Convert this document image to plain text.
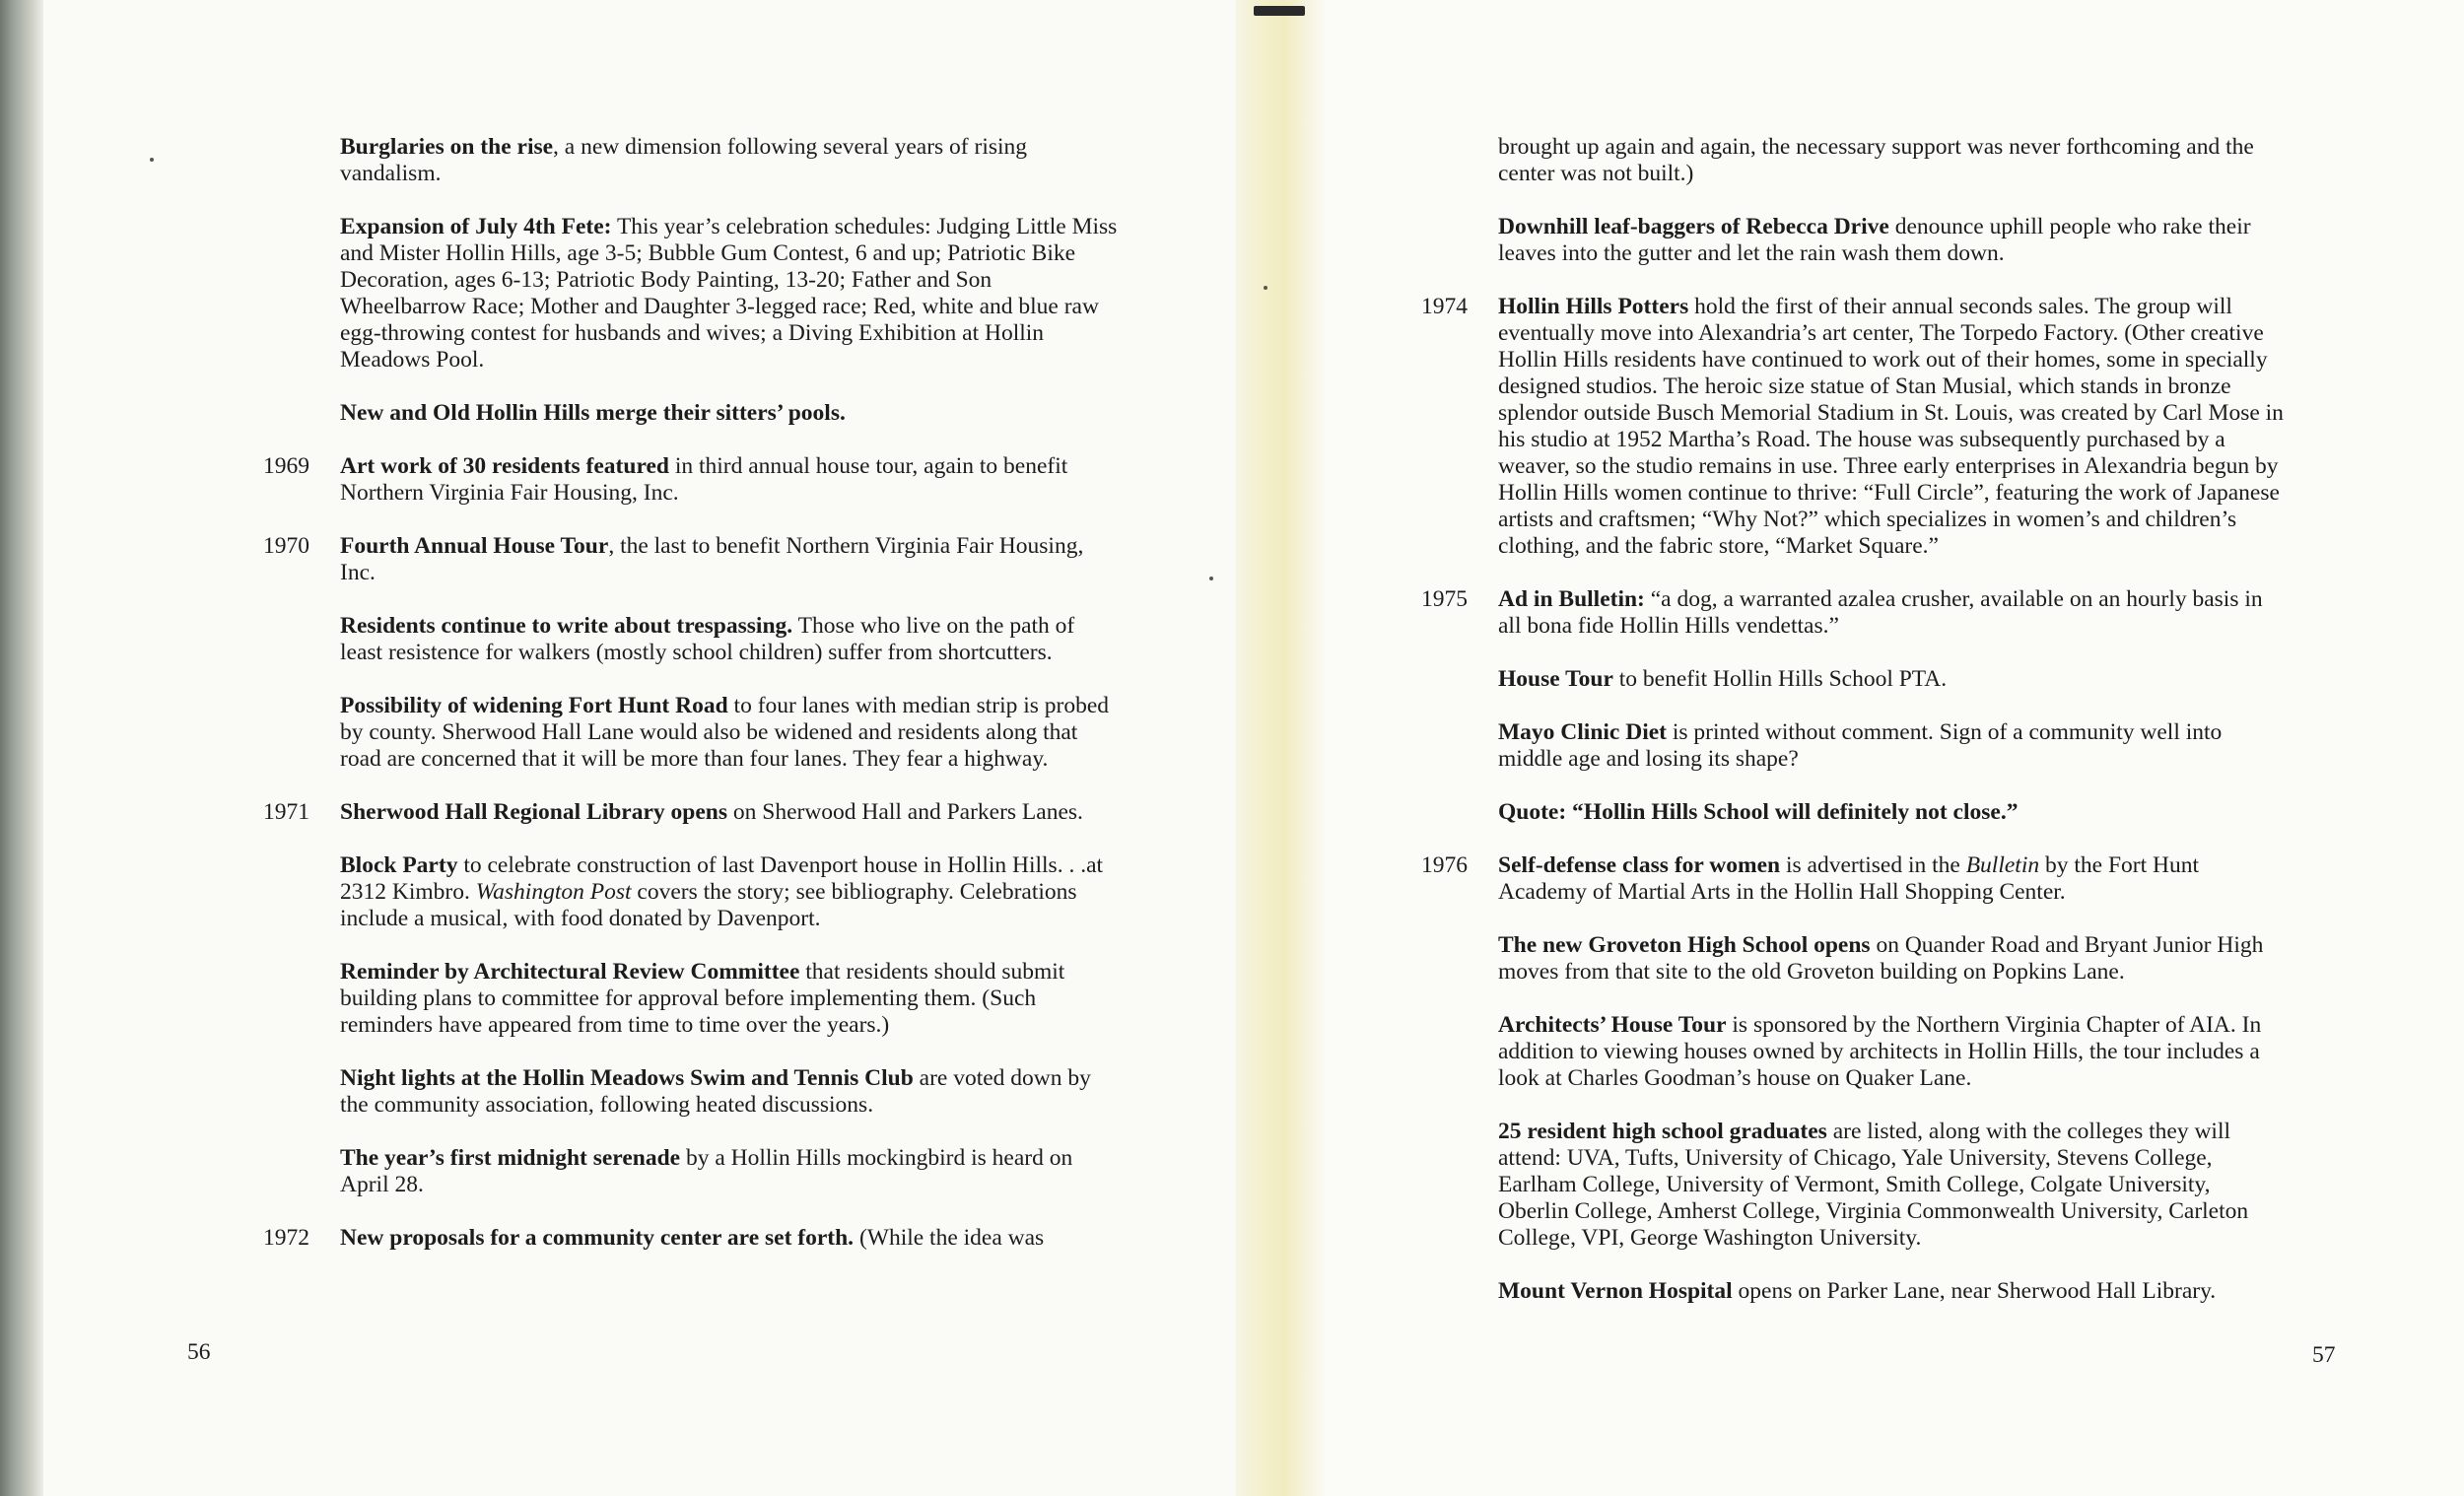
Burglaries on the rise, a new dimension following several years of rising vandalism.
Expansion of July 4th Fete: This year’s celebration schedules: Judging Little Miss and Mister Hollin Hills, age 3-5; Bubble Gum Contest, 6 and up; Patriotic Bike Decoration, ages 6-13; Patriotic Body Painting, 13-20; Father and Son Wheelbarrow Race; Mother and Daughter 3-legged race; Red, white and blue raw egg-throwing contest for husbands and wives; a Diving Exhibition at Hollin Meadows Pool.
New and Old Hollin Hills merge their sitters’ pools.
1969	Art work of 30 residents featured in third annual house tour, again to benefit Northern Virginia Fair Housing, Inc.
1970	Fourth Annual House Tour, the last to benefit Northern Virginia Fair Housing, Inc.
Residents continue to write about trespassing. Those who live on the path of least resistence for walkers (mostly school children) suffer from shortcutters.
Possibility of widening Fort Hunt Road to four lanes with median strip is probed by county. Sherwood Hall Lane would also be widened and residents along that road are concerned that it will be more than four lanes. They fear a highway.
1971	Sherwood Hall Regional Library opens on Sherwood Hall and Parkers Lanes.
Block Party to celebrate construction of last Davenport house in Hollin Hills. . .at 2312 Kimbro. Washington Post covers the story; see bibliography. Celebrations include a musical, with food donated by Davenport.
Reminder by Architectural Review Committee that residents should submit building plans to committee for approval before implementing them. (Such reminders have appeared from time to time over the years.)
Night lights at the Hollin Meadows Swim and Tennis Club are voted down by the community association, following heated discussions.
The year’s first midnight serenade by a Hollin Hills mockingbird is heard on April 28.
1972	New proposals for a community center are set forth. (While the idea was
brought up again and again, the necessary support was never forthcoming and the center was not built.)
Downhill leaf-baggers of Rebecca Drive denounce uphill people who rake their leaves into the gutter and let the rain wash them down.
1974	Hollin Hills Potters hold the first of their annual seconds sales. The group will eventually move into Alexandria’s art center, The Torpedo Factory. (Other creative Hollin Hills residents have continued to work out of their homes, some in specially designed studios. The heroic size statue of Stan Musial, which stands in bronze splendor outside Busch Memorial Stadium in St. Louis, was created by Carl Mose in his studio at 1952 Martha’s Road. The house was subsequently purchased by a weaver, so the studio remains in use. Three early enterprises in Alexandria begun by Hollin Hills women continue to thrive: “Full Circle”, featuring the work of Japanese artists and craftsmen; “Why Not?” which specializes in women’s and children’s clothing, and the fabric store, “Market Square.”
1975	Ad in Bulletin: “a dog, a warranted azalea crusher, available on an hourly basis in all bona fide Hollin Hills vendettas.”
House Tour to benefit Hollin Hills School PTA.
Mayo Clinic Diet is printed without comment. Sign of a community well into middle age and losing its shape?
Quote: “Hollin Hills School will definitely not close.”
1976	Self-defense class for women is advertised in the Bulletin by the Fort Hunt Academy of Martial Arts in the Hollin Hall Shopping Center.
The new Groveton High School opens on Quander Road and Bryant Junior High moves from that site to the old Groveton building on Popkins Lane.
Architects’ House Tour is sponsored by the Northern Virginia Chapter of AIA. In addition to viewing houses owned by architects in Hollin Hills, the tour includes a look at Charles Goodman’s house on Quaker Lane.
25 resident high school graduates are listed, along with the colleges they will attend: UVA, Tufts, University of Chicago, Yale University, Stevens College, Earlham College, University of Vermont, Smith College, Colgate University, Oberlin College, Amherst College, Virginia Commonwealth University, Carleton College, VPI, George Washington University.
Mount Vernon Hospital opens on Parker Lane, near Sherwood Hall Library.
56	57
